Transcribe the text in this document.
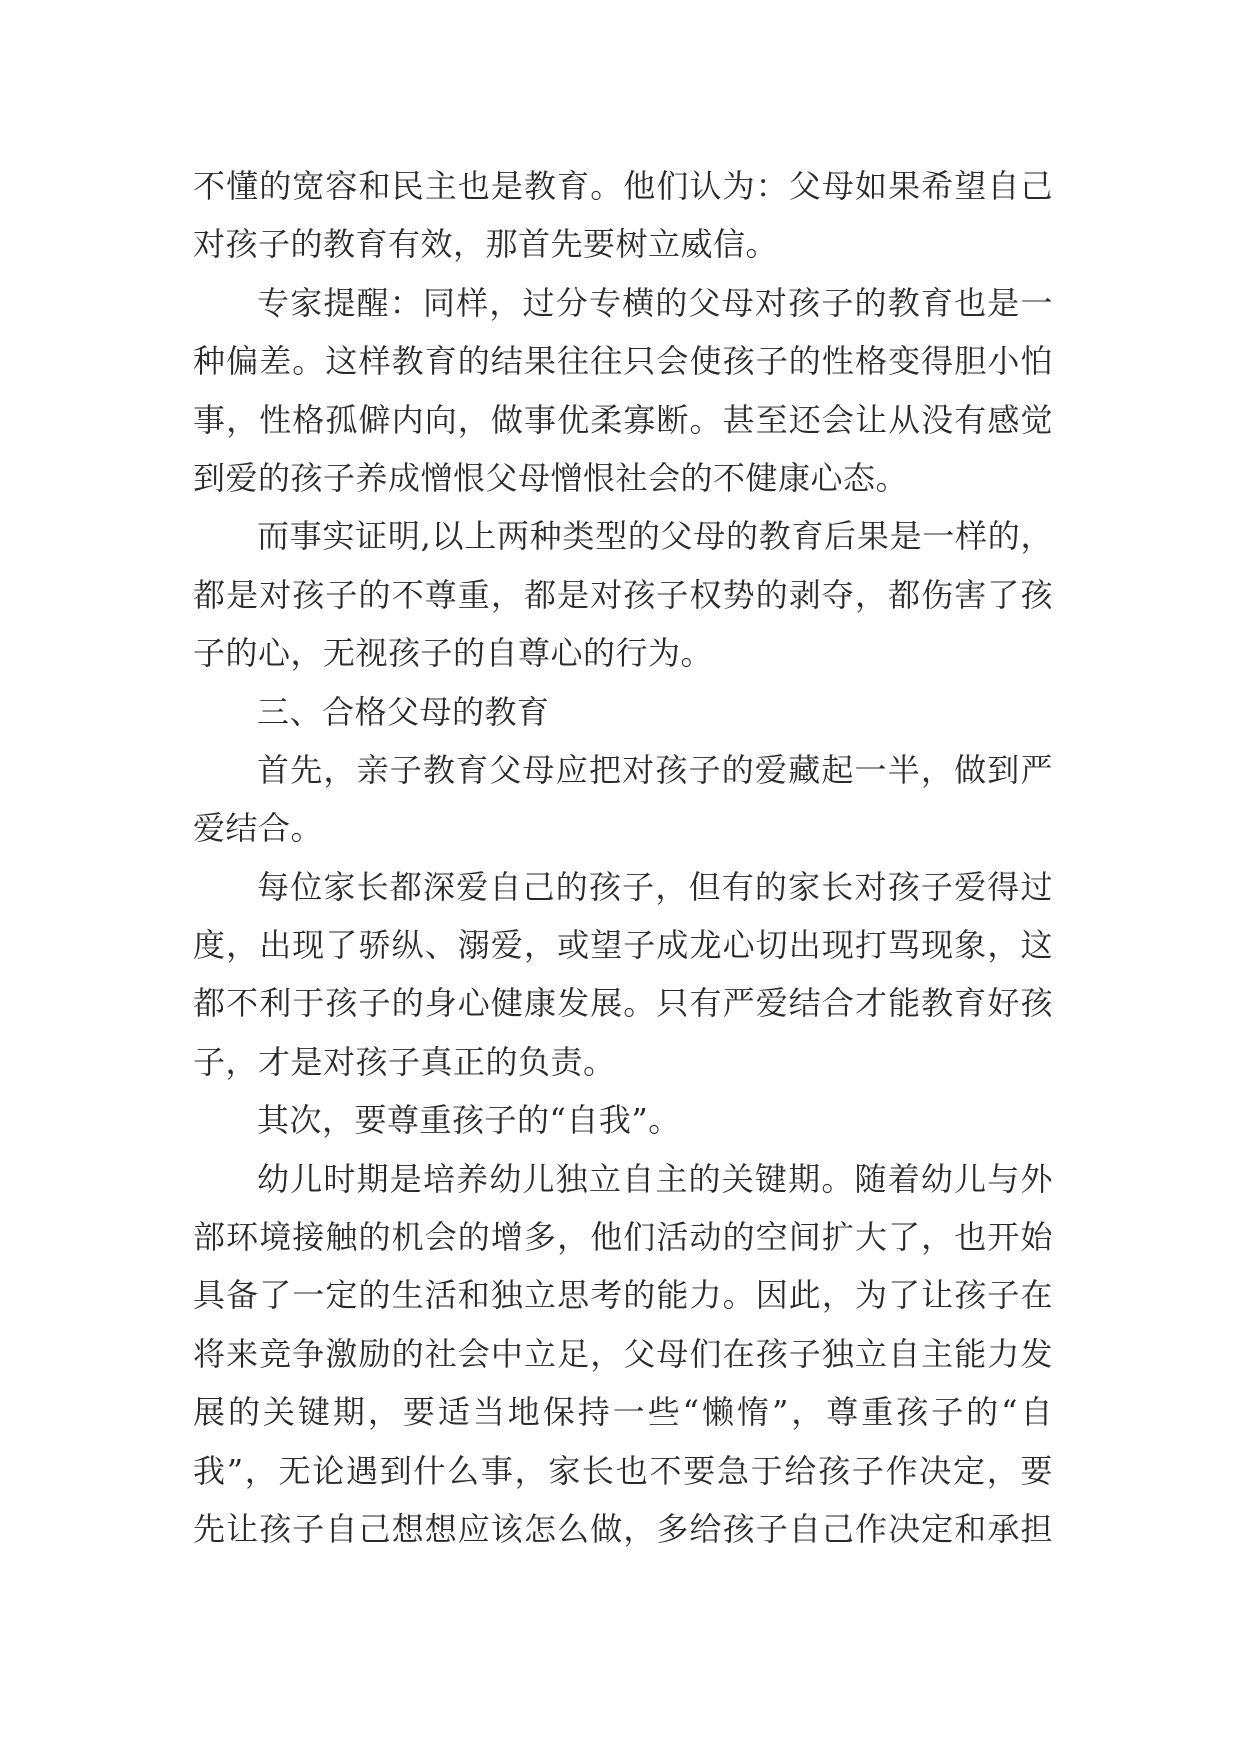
不懂的宽容和民主也是教育。他们认为：父母如果希望自己
对孩子的教育有效，那首先要树立威信。
专家提醒：同样，过分专横的父母对孩子的教育也是一
种偏差。这样教育的结果往往只会使孩子的性格变得胆小怕
事，性格孤僻内向，做事优柔寡断。甚至还会让从没有感觉
到爱的孩子养成憎恨父母憎恨社会的不健康心态。
而事实证明,以上两种类型的父母的教育后果是一样的，
都是对孩子的不尊重，都是对孩子权势的剥夺，都伤害了孩
子的心，无视孩子的自尊心的行为。
三、合格父母的教育
首先，亲子教育父母应把对孩子的爱藏起一半，做到严
爱结合。
每位家长都深爱自己的孩子，但有的家长对孩子爱得过
度，出现了骄纵、溺爱，或望子成龙心切出现打骂现象，这
都不利于孩子的身心健康发展。只有严爱结合才能教育好孩
子，才是对孩子真正的负责。
其次，要尊重孩子的“自我”。
幼儿时期是培养幼儿独立自主的关键期。随着幼儿与外
部环境接触的机会的增多，他们活动的空间扩大了，也开始
具备了一定的生活和独立思考的能力。因此，为了让孩子在
将来竞争激励的社会中立足，父母们在孩子独立自主能力发
展的关键期，要适当地保持一些“懒惰”，尊重孩子的“自
我”，无论遇到什么事，家长也不要急于给孩子作决定，要
先让孩子自己想想应该怎么做，多给孩子自己作决定和承担
